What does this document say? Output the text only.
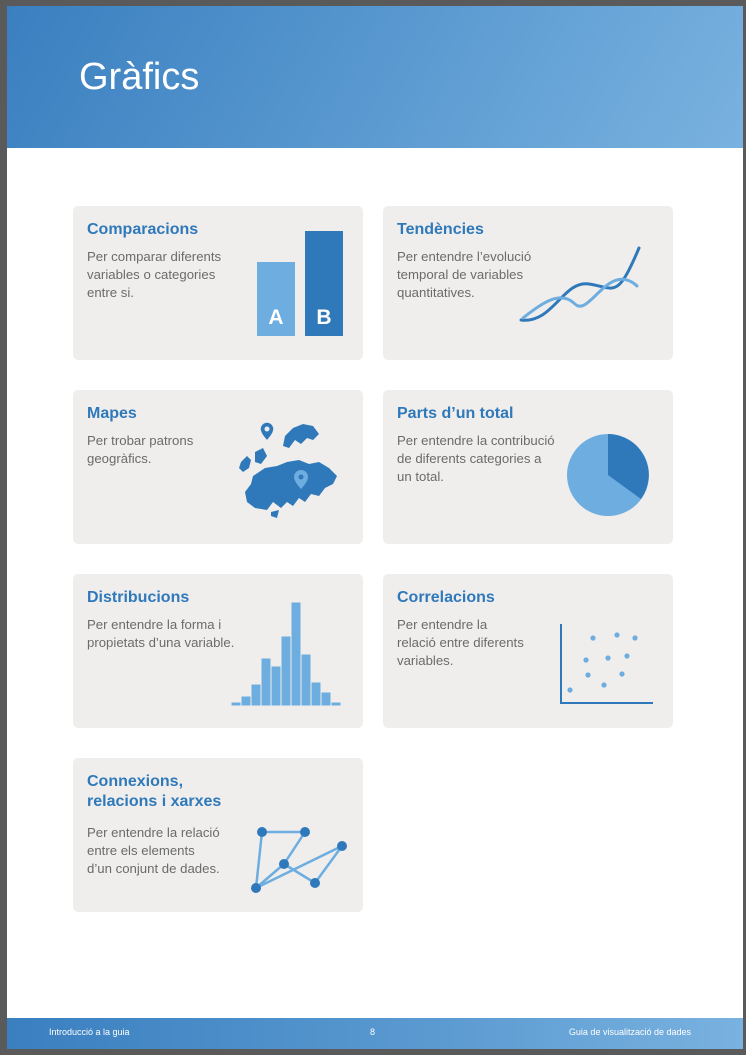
Gràfics
Comparacions

Per comparar diferents
variables o categories
entre si.

A B
Tendències

Per entendre l’evolució
temporal de variables
quantitatives.

Mapes

Per trobar patrons
geogràfics.

Parts d’un total

Per entendre la contribució
de diferents categories a
un total.

Distribucions

Per entendre la forma i
propietats d’una variable.

Correlacions

Per entendre la
relació entre diferents
variables.

Connexions,
relacions i xarxes

Per entendre la relació
entre els elements
d’un conjunt de dades.

Introducció a la guia	8	Guia de visualització de dades
